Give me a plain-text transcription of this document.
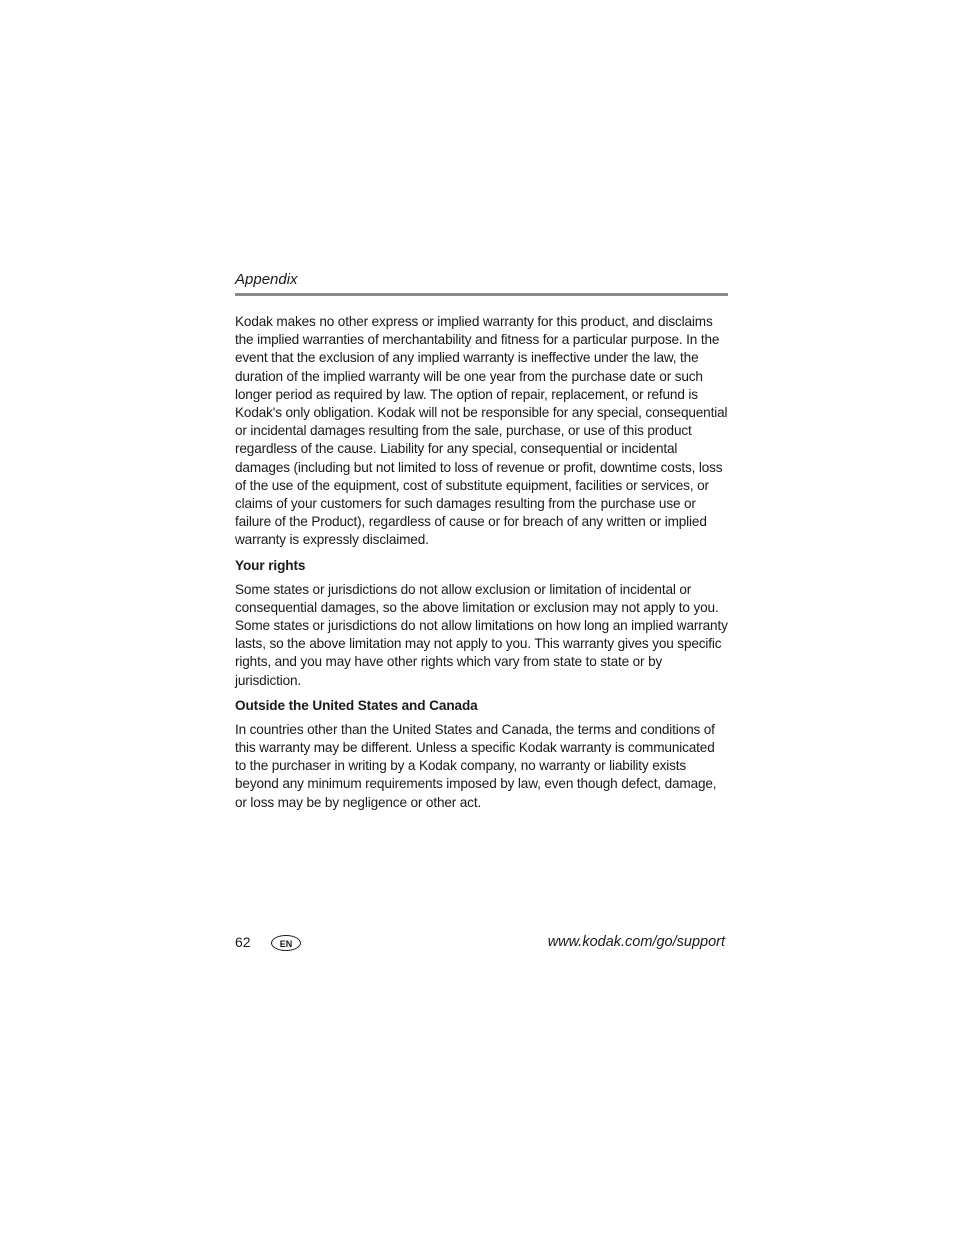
Appendix

Kodak makes no other express or implied warranty for this product, and disclaims the implied warranties of merchantability and fitness for a particular purpose. In the event that the exclusion of any implied warranty is ineffective under the law, the duration of the implied warranty will be one year from the purchase date or such longer period as required by law. The option of repair, replacement, or refund is Kodak's only obligation. Kodak will not be responsible for any special, consequential or incidental damages resulting from the sale, purchase, or use of this product regardless of the cause. Liability for any special, consequential or incidental damages (including but not limited to loss of revenue or profit, downtime costs, loss of the use of the equipment, cost of substitute equipment, facilities or services, or claims of your customers for such damages resulting from the purchase use or failure of the Product), regardless of cause or for breach of any written or implied warranty is expressly disclaimed.

Your rights

Some states or jurisdictions do not allow exclusion or limitation of incidental or consequential damages, so the above limitation or exclusion may not apply to you. Some states or jurisdictions do not allow limitations on how long an implied warranty lasts, so the above limitation may not apply to you. This warranty gives you specific rights, and you may have other rights which vary from state to state or by jurisdiction.

Outside the United States and Canada

In countries other than the United States and Canada, the terms and conditions of this warranty may be different. Unless a specific Kodak warranty is communicated to the purchaser in writing by a Kodak company, no warranty or liability exists beyond any minimum requirements imposed by law, even though defect, damage, or loss may be by negligence or other act.

62	EN	www.kodak.com/go/support
